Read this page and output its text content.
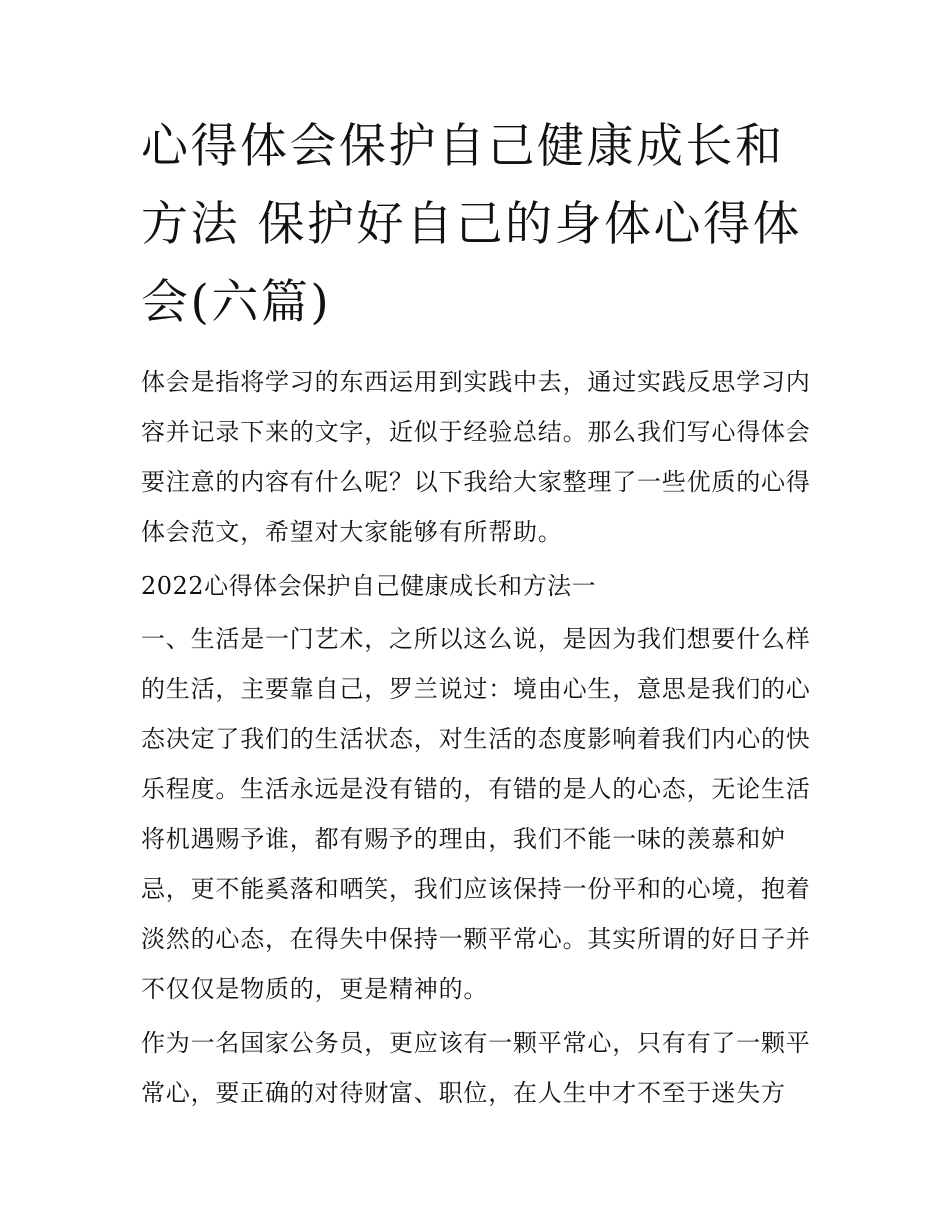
心得体会保护自己健康成长和
方法 保护好自己的身体心得体
会(六篇)
体会是指将学习的东西运用到实践中去，通过实践反思学习内
容并记录下来的文字，近似于经验总结。那么我们写心得体会
要注意的内容有什么呢？以下我给大家整理了一些优质的心得
体会范文，希望对大家能够有所帮助。
2022心得体会保护自己健康成长和方法一
一、生活是一门艺术，之所以这么说，是因为我们想要什么样
的生活，主要靠自己，罗兰说过：境由心生，意思是我们的心
态决定了我们的生活状态，对生活的态度影响着我们内心的快
乐程度。生活永远是没有错的，有错的是人的心态，无论生活
将机遇赐予谁，都有赐予的理由，我们不能一味的羡慕和妒
忌，更不能奚落和哂笑，我们应该保持一份平和的心境，抱着
淡然的心态，在得失中保持一颗平常心。其实所谓的好日子并
不仅仅是物质的，更是精神的。
作为一名国家公务员，更应该有一颗平常心，只有有了一颗平
常心，要正确的对待财富、职位，在人生中才不至于迷失方
